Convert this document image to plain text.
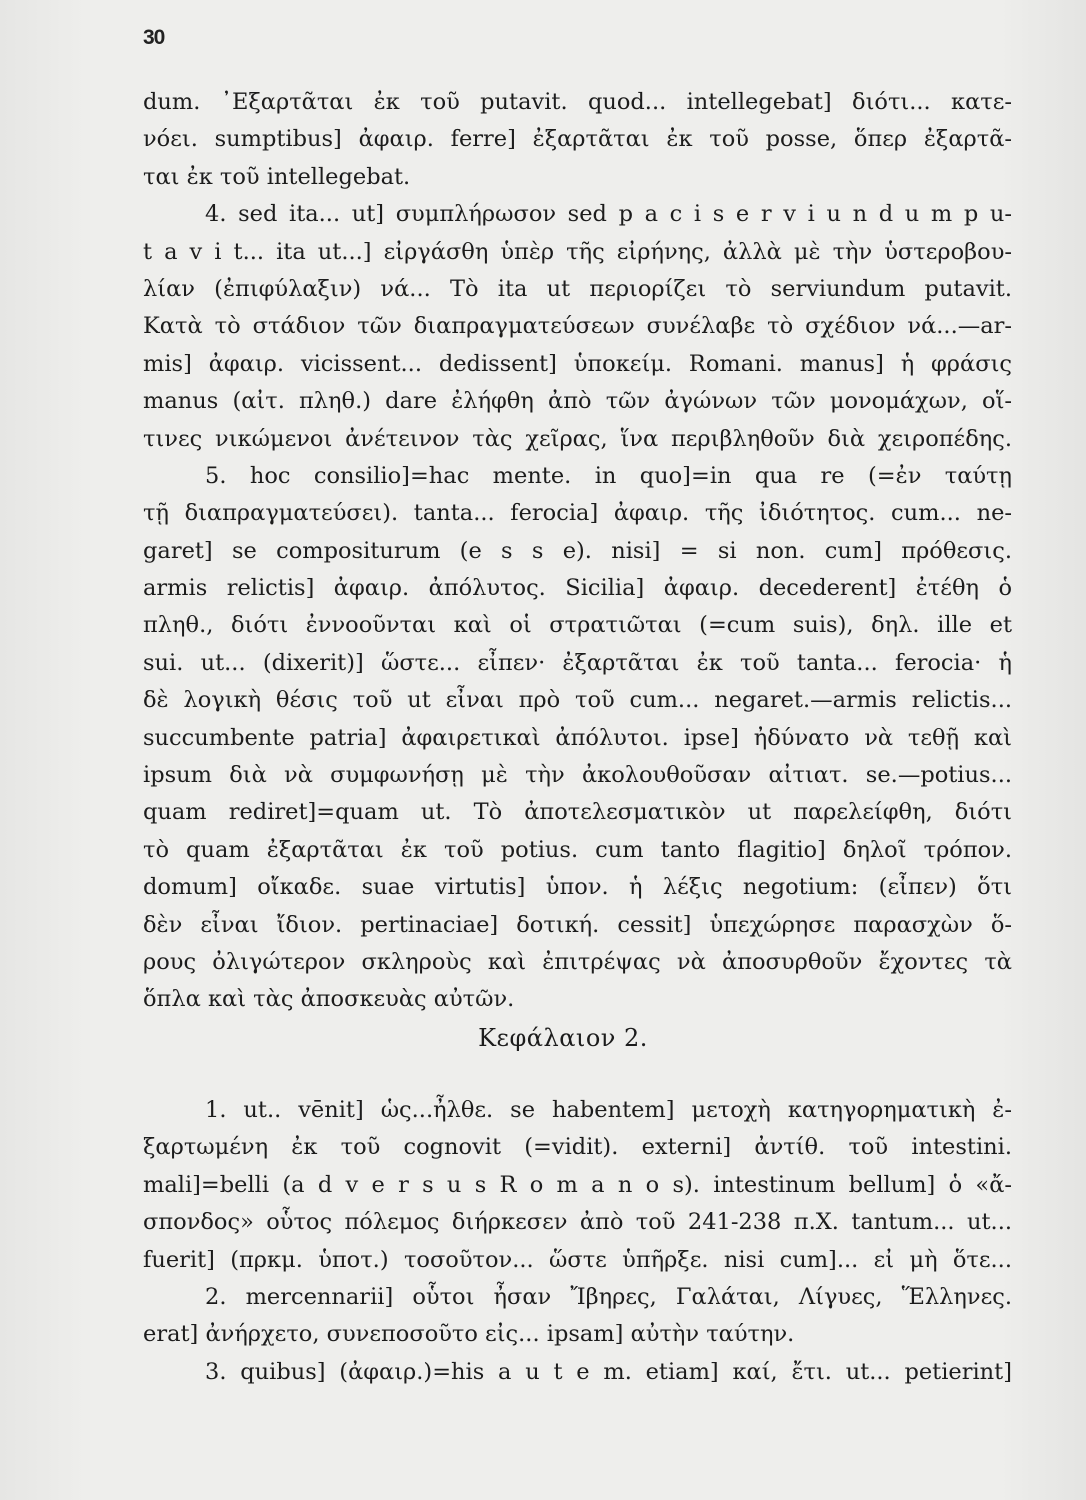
30
dum. ᾿Εξαρτᾶται ἐκ τοῦ putavit. quod... intellegebat] διότι... κατε-
νόει. sumptibus] ἀφαιρ. ferre] ἐξαρτᾶται ἐκ τοῦ posse, ὅπερ ἐξαρτᾶ-
ται ἐκ τοῦ intellegebat.
4. sed ita... ut] συμπλήρωσον sed p a c i s e r v i u n d u m p u-
t a v i t... ita ut...] εἰργάσθη ὑπὲρ τῆς εἰρήνης, ἀλλὰ μὲ τὴν ὑστεροβου-
λίαν (ἐπιφύλαξιν) νά... Τὸ ita ut περιορίζει τὸ serviundum putavit.
Κατὰ τὸ στάδιον τῶν διαπραγματεύσεων συνέλαβε τὸ σχέδιον νά...—ar-
mis] ἀφαιρ. vicissent... dedissent] ὑποκείμ. Romani. manus] ἡ φράσις
manus (αἰτ. πληθ.) dare ἐλήφθη ἀπὸ τῶν ἀγώνων τῶν μονομάχων, οἵ-
τινες νικώμενοι ἀνέτεινον τὰς χεῖρας, ἵνα περιβληθοῦν διὰ χειροπέδης.
5. hoc consilio]=hac mente. in quo]=in qua re (=ἐν ταύτῃ
τῇ διαπραγματεύσει). tanta... ferocia] ἀφαιρ. τῆς ἰδιότητος. cum... ne-
garet] se compositurum (e s s e). nisi] = si non. cum] πρόθεσις.
armis relictis] ἀφαιρ. ἀπόλυτος. Sicilia] ἀφαιρ. decederent] ἐτέθη ὁ
πληθ., διότι ἐννοοῦνται καὶ οἱ στρατιῶται (=cum suis), δηλ. ille et
sui. ut... (dixerit)] ὥστε... εἶπεν· ἐξαρτᾶται ἐκ τοῦ tanta... ferocia· ἡ
δὲ λογικὴ θέσις τοῦ ut εἶναι πρὸ τοῦ cum... negaret.—armis relictis...
succumbente patria] ἀφαιρετικαὶ ἀπόλυτοι. ipse] ἠδύνατο νὰ τεθῇ καὶ
ipsum διὰ νὰ συμφωνήσῃ μὲ τὴν ἀκολουθοῦσαν αἰτιατ. se.—potius...
quam rediret]=quam ut. Τὸ ἀποτελεσματικὸν ut παρελείφθη, διότι
τὸ quam ἐξαρτᾶται ἐκ τοῦ potius. cum tanto flagitio] δηλοῖ τρόπον.
domum] οἴκαδε. suae virtutis] ὑπον. ἡ λέξις negotium: (εἶπεν) ὅτι
δὲν εἶναι ἴδιον. pertinaciae] δοτική. cessit] ὑπεχώρησε παρασχὼν ὅ-
ρους ὀλιγώτερον σκληροὺς καὶ ἐπιτρέψας νὰ ἀποσυρθοῦν ἔχοντες τὰ
ὅπλα καὶ τὰς ἀποσκευὰς αὐτῶν.
Κεφάλαιον 2.
1. ut.. vēnit] ὡς...ἦλθε. se habentem] μετοχὴ κατηγορηματικὴ ἐ-
ξαρτωμένη ἐκ τοῦ cognovit (=vidit). externi] ἀντίθ. τοῦ intestini.
mali]=belli (a d v e r s u s R o m a n o s). intestinum bellum] ὁ «ἄ-
σπονδος» οὗτος πόλεμος διήρκεσεν ἀπὸ τοῦ 241-238 π.Χ. tantum... ut...
fuerit] (πρκμ. ὑποτ.) τοσοῦτον... ὥστε ὑπῆρξε. nisi cum]... εἰ μὴ ὅτε...
2. mercennarii] οὗτοι ἦσαν Ἴβηρες, Γαλάται, Λίγυες, Ἕλληνες.
erat] ἀνήρχετο, συνεποσοῦτο εἰς... ipsam] αὐτὴν ταύτην.
3. quibus] (ἀφαιρ.)=his a u t e m. etiam] καί, ἔτι. ut... petierint]
